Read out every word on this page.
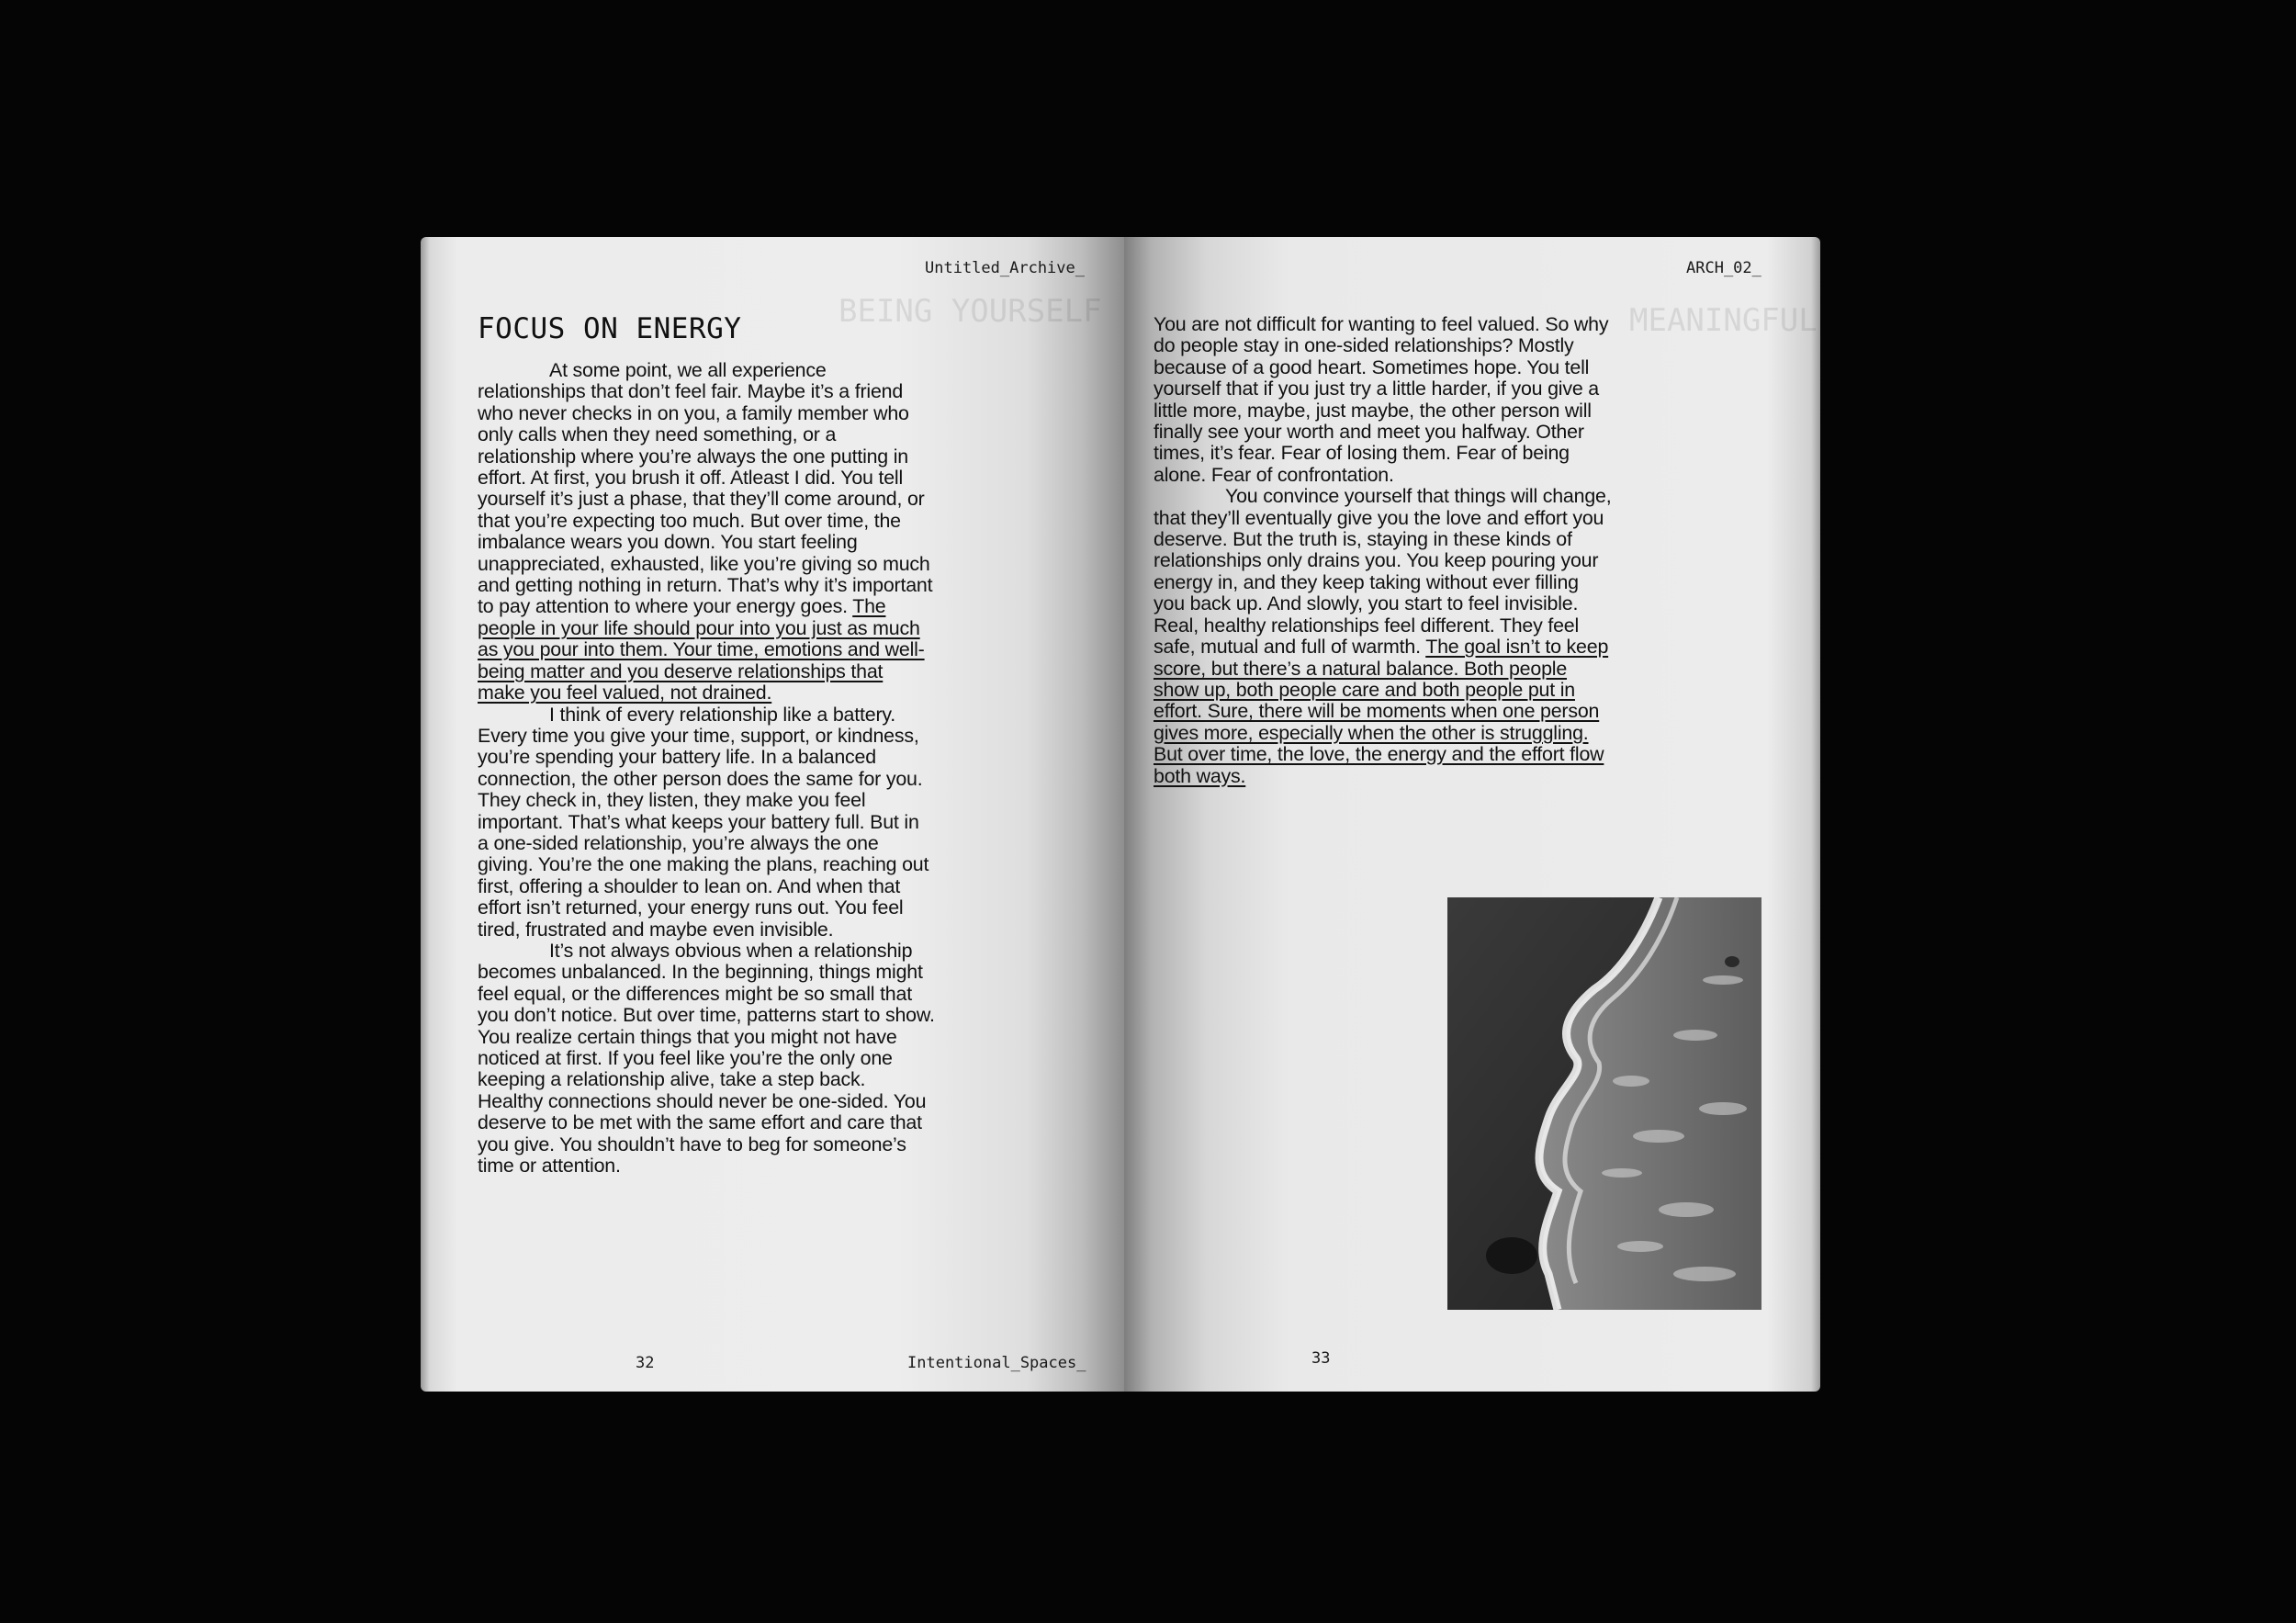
BEING YOURSELF
Untitled_Archive_
FOCUS ON ENERGY

At some point, we all experience relationships that don’t feel fair. Maybe it’s a friend who never checks in on you, a family member who only calls when they need something, or a relationship where you’re always the one putting in effort. At first, you brush it off. Atleast I did. You tell yourself it’s just a phase, that they’ll come around, or that you’re expecting too much. But over time, the imbalance wears you down. You start feeling unappreciated, exhausted, like you’re giving so much and getting nothing in return. That’s why it’s important to pay attention to where your energy goes. The people in your life should pour into you just as much as you pour into them. Your time, emotions and well-being matter and you deserve relationships that make you feel valued, not drained.

I think of every relationship like a battery. Every time you give your time, support, or kindness, you’re spending your battery life. In a balanced connection, the other person does the same for you. They check in, they listen, they make you feel important. That’s what keeps your battery full. But in a one-sided relationship, you’re always the one giving. You’re the one making the plans, reaching out first, offering a shoulder to lean on. And when that effort isn’t returned, your energy runs out. You feel tired, frustrated and maybe even invisible.

It’s not always obvious when a relationship becomes unbalanced. In the beginning, things might feel equal, or the differences might be so small that you don’t notice. But over time, patterns start to show. You realize certain things that you might not have noticed at first. If you feel like you’re the only one keeping a relationship alive, take a step back. Healthy connections should never be one-sided. You deserve to be met with the same effort and care that you give. You shouldn’t have to beg for someone’s time or attention.

32	Intentional_Spaces_
MEANINGFUL
ARCH_02_

You are not difficult for wanting to feel valued. So why do people stay in one-sided relationships? Mostly because of a good heart. Sometimes hope. You tell yourself that if you just try a little harder, if you give a little more, maybe, just maybe, the other person will finally see your worth and meet you halfway. Other times, it’s fear. Fear of losing them. Fear of being alone. Fear of confrontation.

You convince yourself that things will change, that they’ll eventually give you the love and effort you deserve. But the truth is, staying in these kinds of relationships only drains you. You keep pouring your energy in, and they keep taking without ever filling you back up. And slowly, you start to feel invisible. Real, healthy relationships feel different. They feel safe, mutual and full of warmth. The goal isn’t to keep score, but there’s a natural balance. Both people show up, both people care and both people put in effort. Sure, there will be moments when one person gives more, especially when the other is struggling. But over time, the love, the energy and the effort flow both ways.

33
